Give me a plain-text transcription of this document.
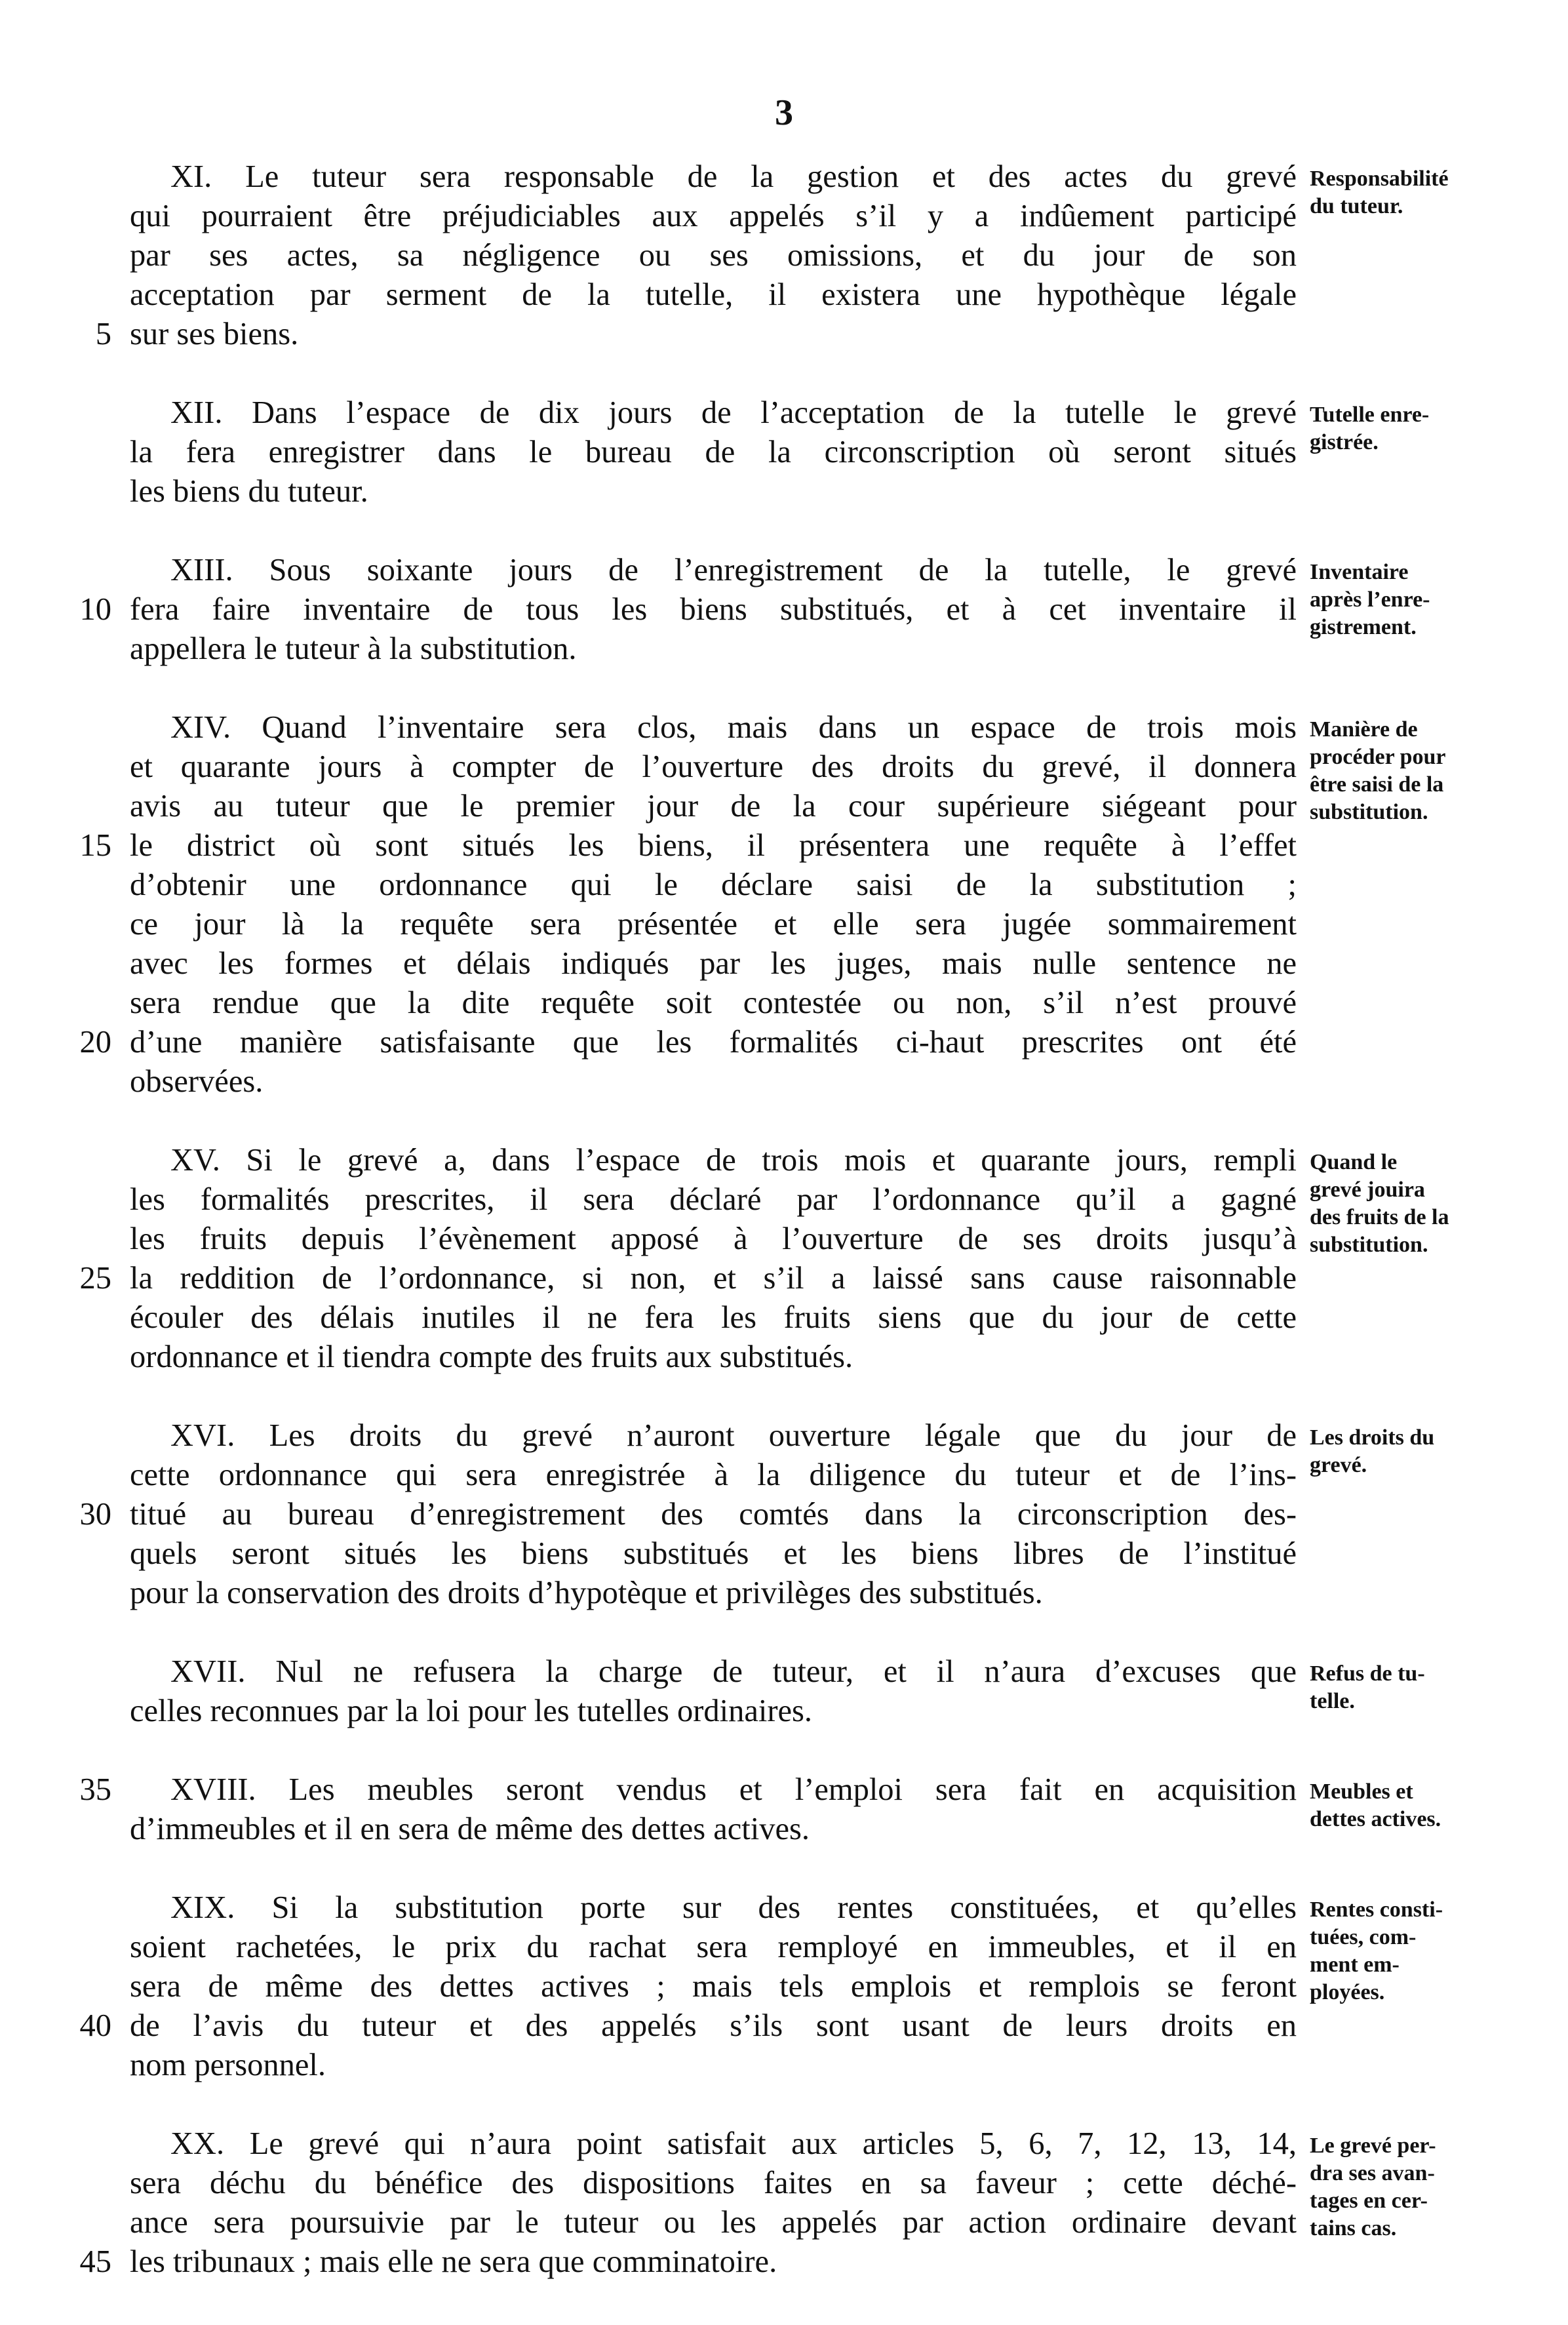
3
XI. Le tuteur sera responsable de la gestion et des actes du grevé
qui pourraient être préjudiciables aux appelés s’il y a indûement participé
par ses actes, sa négligence ou ses omissions, et du jour de son
acceptation par serment de la tutelle, il existera une hypothèque légale
sur ses biens.
5
XII. Dans l’espace de dix jours de l’acceptation de la tutelle le grevé
la fera enregistrer dans le bureau de la circonscription où seront situés
les biens du tuteur.
XIII. Sous soixante jours de l’enregistrement de la tutelle, le grevé
fera faire inventaire de tous les biens substitués, et à cet inventaire il
10
appellera le tuteur à la substitution.
XIV. Quand l’inventaire sera clos, mais dans un espace de trois mois
et quarante jours à compter de l’ouverture des droits du grevé, il donnera
avis au tuteur que le premier jour de la cour supérieure siégeant pour
le district où sont situés les biens, il présentera une requête à l’effet
15
d’obtenir une ordonnance qui le déclare saisi de la substitution ;
ce jour là la requête sera présentée et elle sera jugée sommairement
avec les formes et délais indiqués par les juges, mais nulle sentence ne
sera rendue que la dite requête soit contestée ou non, s’il n’est prouvé
d’une manière satisfaisante que les formalités ci-haut prescrites ont été
20
observées.
XV. Si le grevé a, dans l’espace de trois mois et quarante jours, rempli
les formalités prescrites, il sera déclaré par l’ordonnance qu’il a gagné
les fruits depuis l’évènement apposé à l’ouverture de ses droits jusqu’à
la reddition de l’ordonnance, si non, et s’il a laissé sans cause raisonnable
25
écouler des délais inutiles il ne fera les fruits siens que du jour de cette
ordonnance et il tiendra compte des fruits aux substitués.
XVI. Les droits du grevé n’auront ouverture légale que du jour de
cette ordonnance qui sera enregistrée à la diligence du tuteur et de l’ins-
titué au bureau d’enregistrement des comtés dans la circonscription des-
30
quels seront situés les biens substitués et les biens libres de l’institué
pour la conservation des droits d’hypotèque et privilèges des substitués.
XVII. Nul ne refusera la charge de tuteur, et il n’aura d’excuses que
celles reconnues par la loi pour les tutelles ordinaires.
XVIII. Les meubles seront vendus et l’emploi sera fait en acquisition
35
d’immeubles et il en sera de même des dettes actives.
XIX. Si la substitution porte sur des rentes constituées, et qu’elles
soient rachetées, le prix du rachat sera remployé en immeubles, et il en
sera de même des dettes actives ; mais tels emplois et remplois se feront
de l’avis du tuteur et des appelés s’ils sont usant de leurs droits en
40
nom personnel.
XX. Le grevé qui n’aura point satisfait aux articles 5, 6, 7, 12, 13, 14,
sera déchu du bénéfice des dispositions faites en sa faveur ; cette déché-
ance sera poursuivie par le tuteur ou les appelés par action ordinaire devant
les tribunaux ; mais elle ne sera que comminatoire.
45
Responsabilité
du tuteur.
Tutelle enre-
gistrée.
Inventaire
après l’enre-
gistrement.
Manière de
procéder pour
être saisi de la
substitution.
Quand le
grevé jouira
des fruits de la
substitution.
Les droits du
grevé.
Refus de tu-
telle.
Meubles et
dettes actives.
Rentes consti-
tuées, com-
ment em-
ployées.
Le grevé per-
dra ses avan-
tages en cer-
tains cas.
